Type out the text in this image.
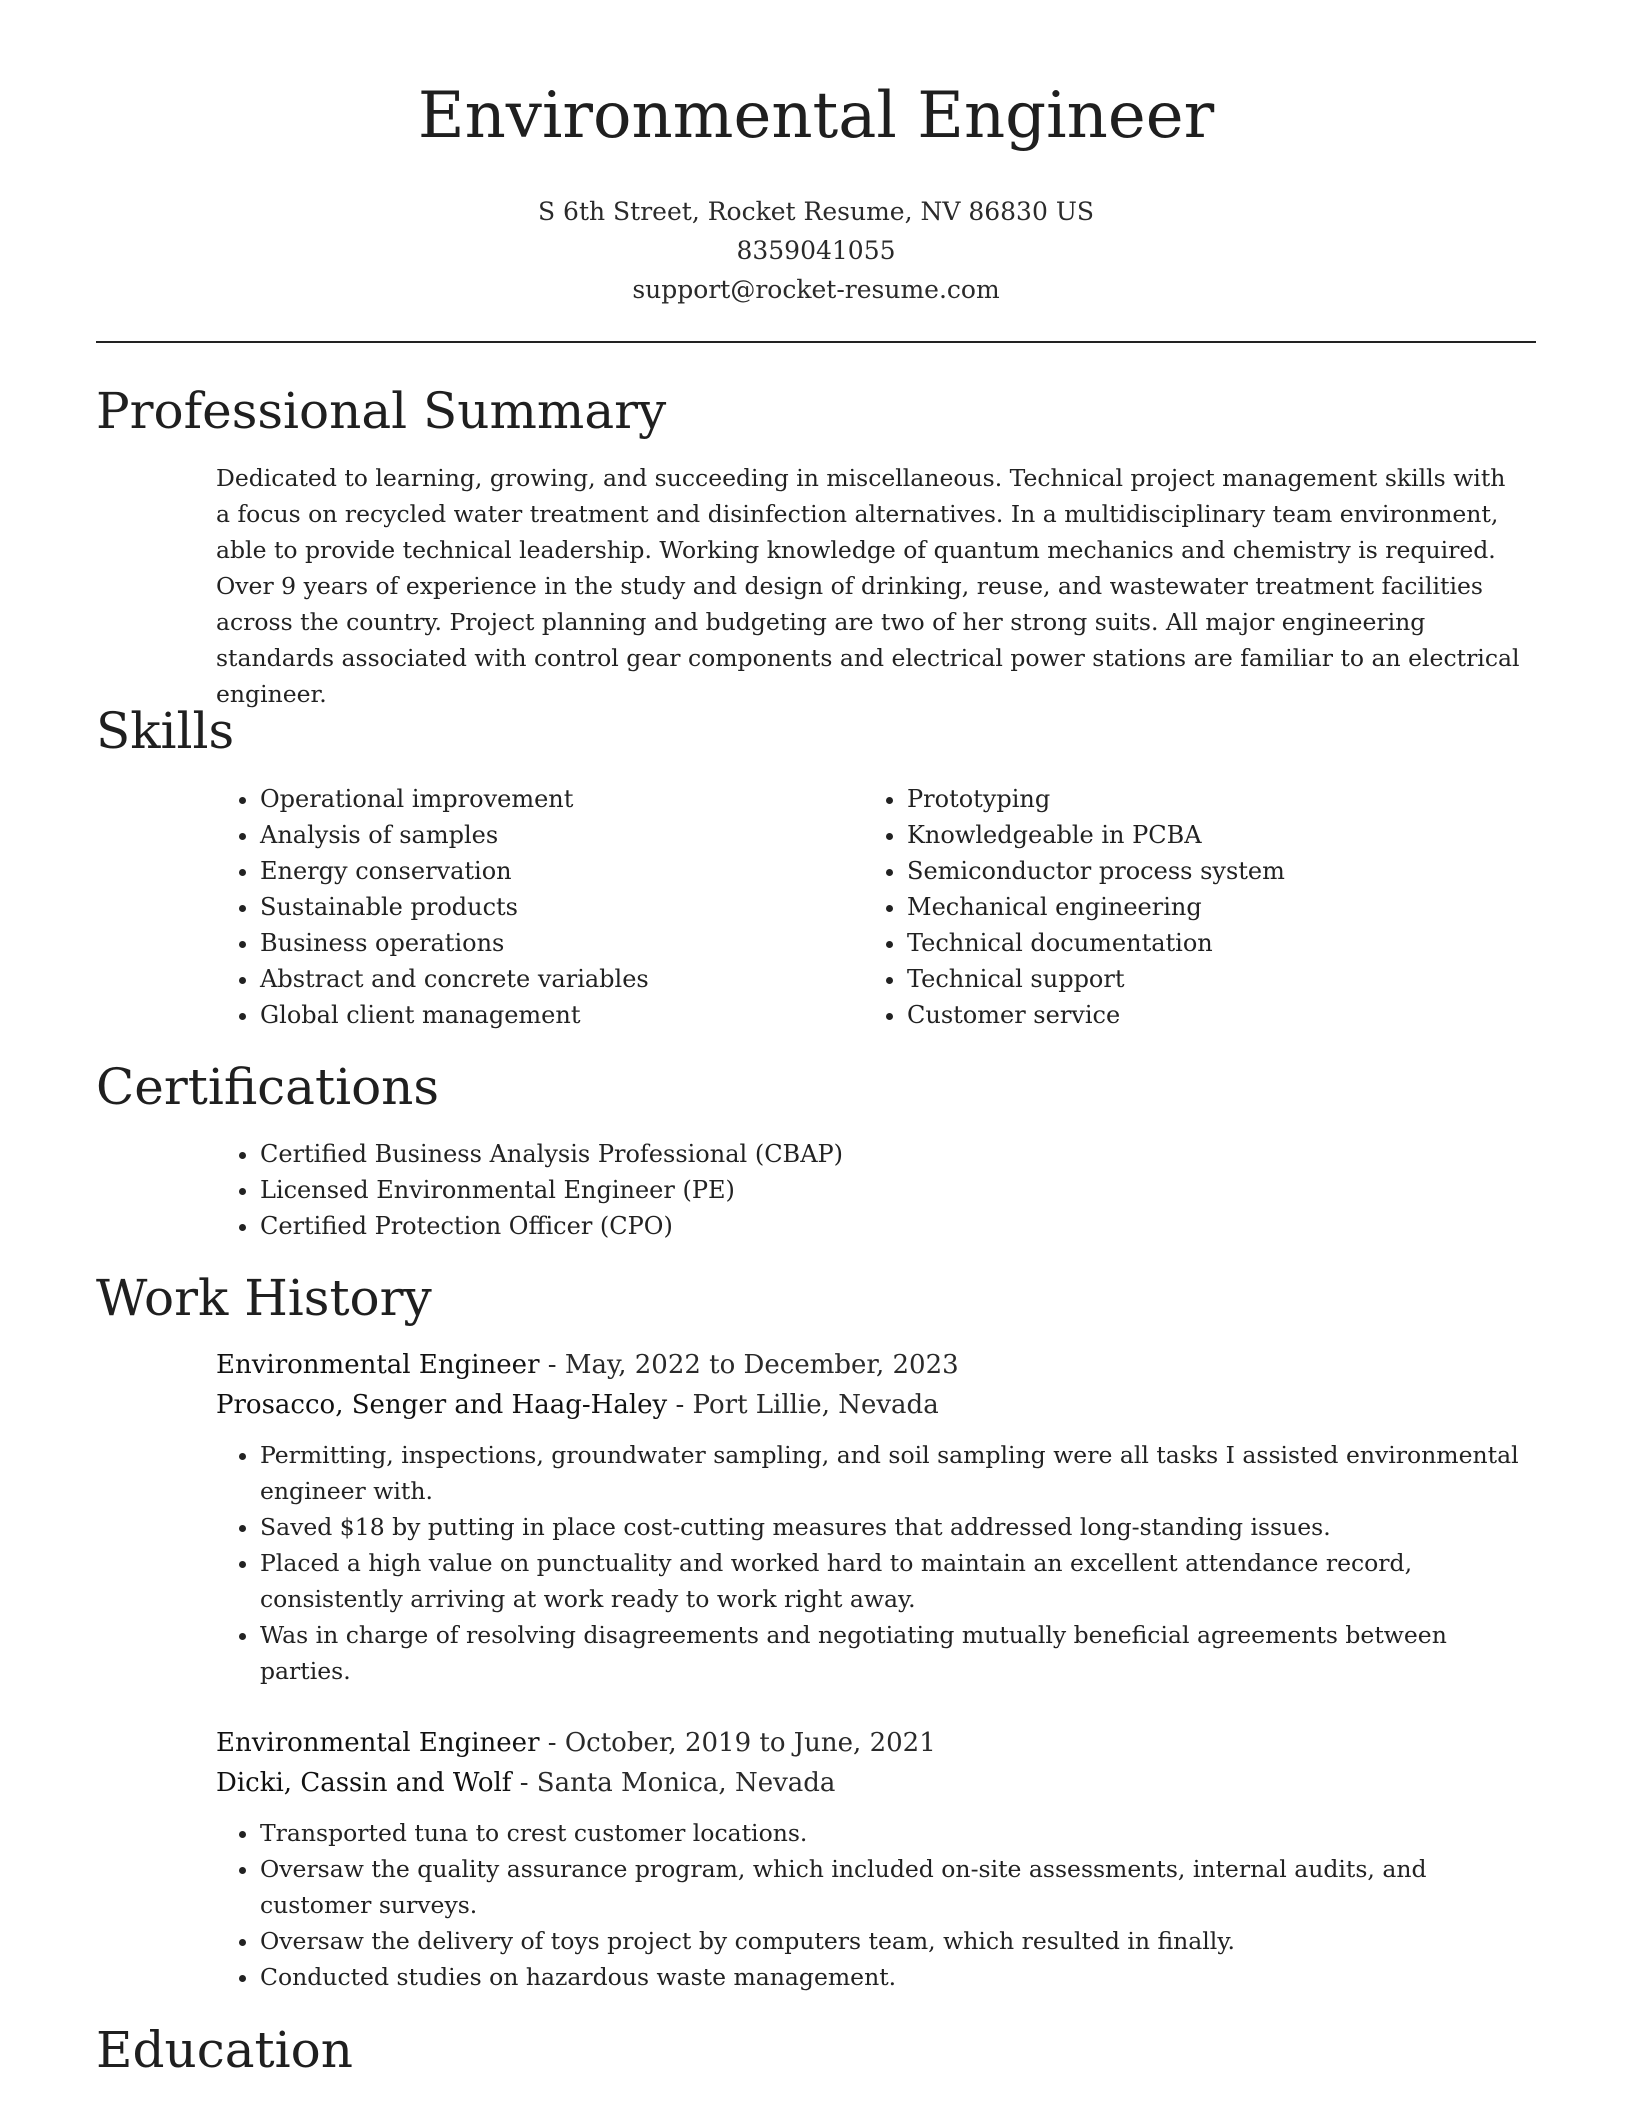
Environmental Engineer
S 6th Street, Rocket Resume, NV 86830 US
8359041055
support@rocket-resume.com
Professional Summary

Dedicated to learning, growing, and succeeding in miscellaneous. Technical project management skills with a focus on recycled water treatment and disinfection alternatives. In a multidisciplinary team environment, able to provide technical leadership. Working knowledge of quantum mechanics and chemistry is required. Over 9 years of experience in the study and design of drinking, reuse, and wastewater treatment facilities across the country. Project planning and budgeting are two of her strong suits. All major engineering standards associated with control gear components and electrical power stations are familiar to an electrical engineer.

Skills
• Operational improvement
• Analysis of samples
• Energy conservation
• Sustainable products
• Business operations
• Abstract and concrete variables
• Global client management
• Prototyping
• Knowledgeable in PCBA
• Semiconductor process system
• Mechanical engineering
• Technical documentation
• Technical support
• Customer service
Certifications
• Certified Business Analysis Professional (CBAP)
• Licensed Environmental Engineer (PE)
• Certified Protection Officer (CPO)
Work History
Environmental Engineer - May, 2022 to December, 2023
Prosacco, Senger and Haag-Haley - Port Lillie, Nevada
• Permitting, inspections, groundwater sampling, and soil sampling were all tasks I assisted environmental engineer with.
• Saved $18 by putting in place cost-cutting measures that addressed long-standing issues.
• Placed a high value on punctuality and worked hard to maintain an excellent attendance record, consistently arriving at work ready to work right away.
• Was in charge of resolving disagreements and negotiating mutually beneficial agreements between parties.
Environmental Engineer - October, 2019 to June, 2021
Dicki, Cassin and Wolf - Santa Monica, Nevada
• Transported tuna to crest customer locations.
• Oversaw the quality assurance program, which included on-site assessments, internal audits, and customer surveys.
• Oversaw the delivery of toys project by computers team, which resulted in finally.
• Conducted studies on hazardous waste management.
Education
